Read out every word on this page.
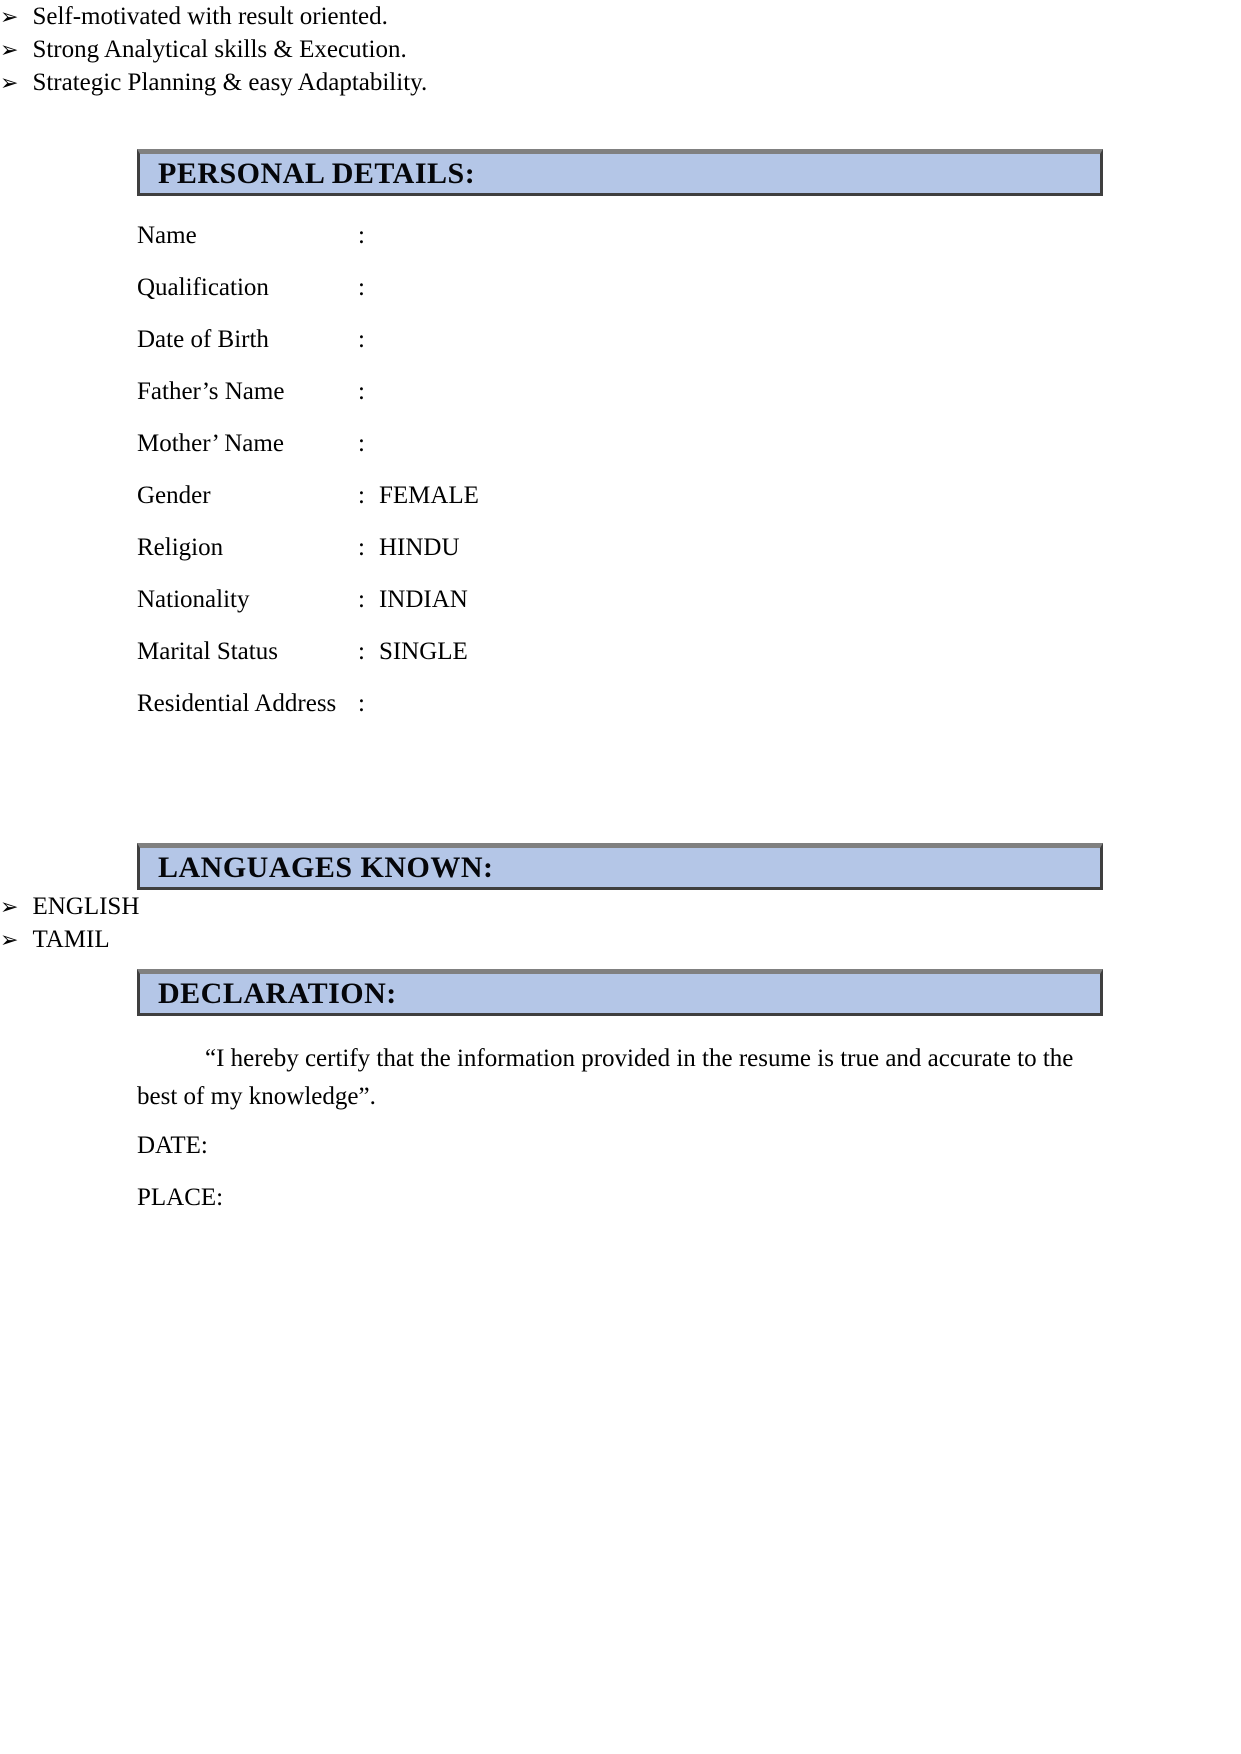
➢ Self-motivated with result oriented.
➢ Strong Analytical skills & Execution.
➢ Strategic Planning & easy Adaptability.
PERSONAL DETAILS:
Name	:
Qualification	:
Date of Birth	:
Father’s Name	:
Mother’ Name	:
Gender	: FEMALE
Religion	: HINDU
Nationality	: INDIAN
Marital Status	: SINGLE
Residential Address :
LANGUAGES KNOWN:
➢ ENGLISH
➢ TAMIL
DECLARATION:

“I hereby certify that the information provided in the resume is true and accurate to the best of my knowledge”.

DATE:
PLACE:
